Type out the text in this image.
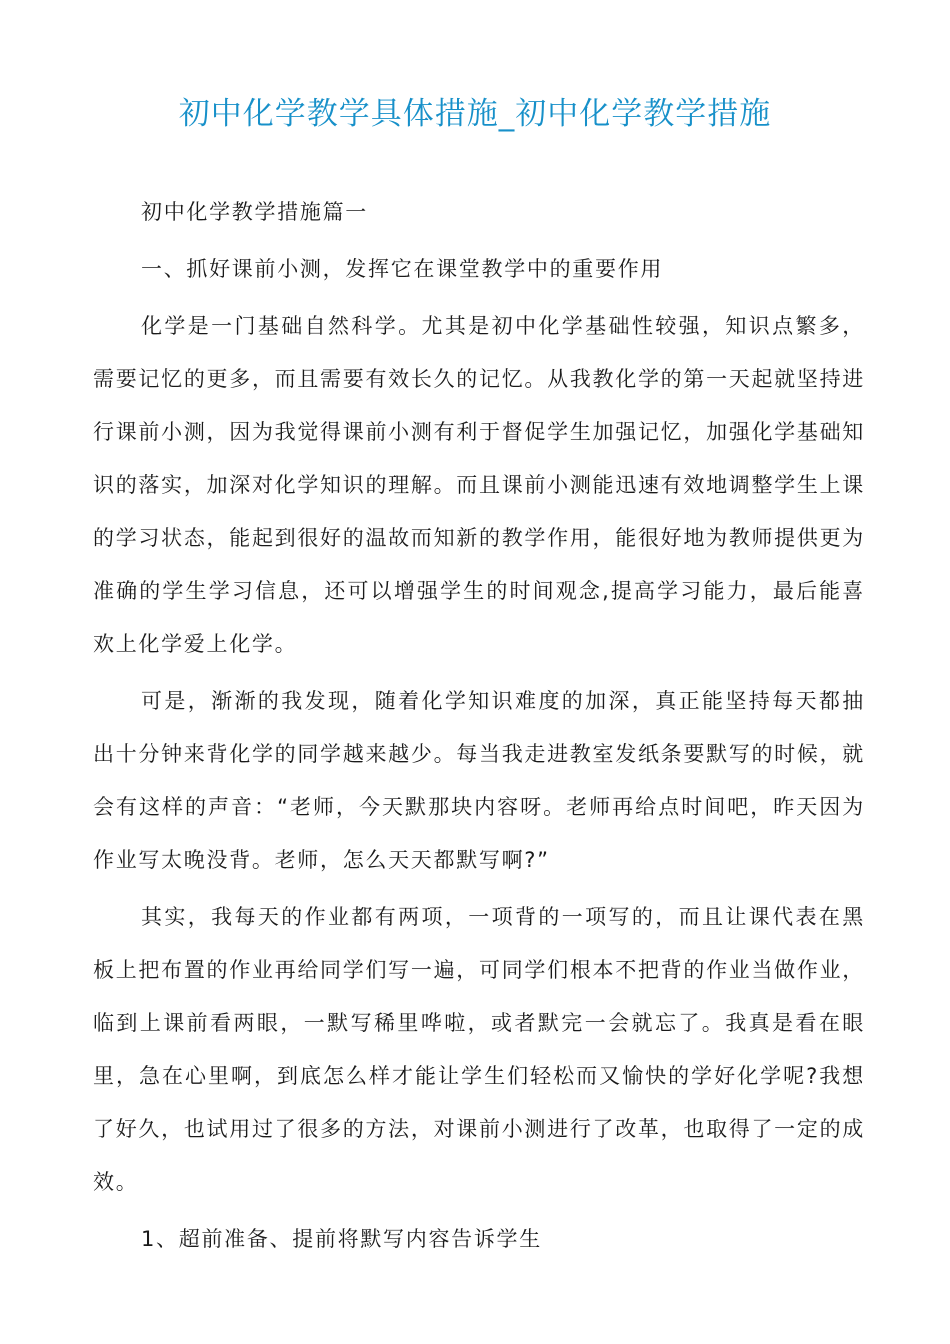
初中化学教学具体措施_初中化学教学措施

初中化学教学措施篇一

一、抓好课前小测，发挥它在课堂教学中的重要作用

化学是一门基础自然科学。尤其是初中化学基础性较强，知识点繁多，需要记忆的更多，而且需要有效长久的记忆。从我教化学的第一天起就坚持进行课前小测，因为我觉得课前小测有利于督促学生加强记忆，加强化学基础知识的落实，加深对化学知识的理解。而且课前小测能迅速有效地调整学生上课的学习状态，能起到很好的温故而知新的教学作用，能很好地为教师提供更为准确的学生学习信息，还可以增强学生的时间观念,提高学习能力，最后能喜欢上化学爱上化学。

可是，渐渐的我发现，随着化学知识难度的加深，真正能坚持每天都抽出十分钟来背化学的同学越来越少。每当我走进教室发纸条要默写的时候，就会有这样的声音：“老师，今天默那块内容呀。老师再给点时间吧，昨天因为作业写太晚没背。老师，怎么天天都默写啊?”

其实，我每天的作业都有两项，一项背的一项写的，而且让课代表在黑板上把布置的作业再给同学们写一遍，可同学们根本不把背的作业当做作业，临到上课前看两眼，一默写稀里哗啦，或者默完一会就忘了。我真是看在眼里，急在心里啊，到底怎么样才能让学生们轻松而又愉快的学好化学呢?我想了好久，也试用过了很多的方法，对课前小测进行了改革，也取得了一定的成效。

1、超前准备、提前将默写内容告诉学生
